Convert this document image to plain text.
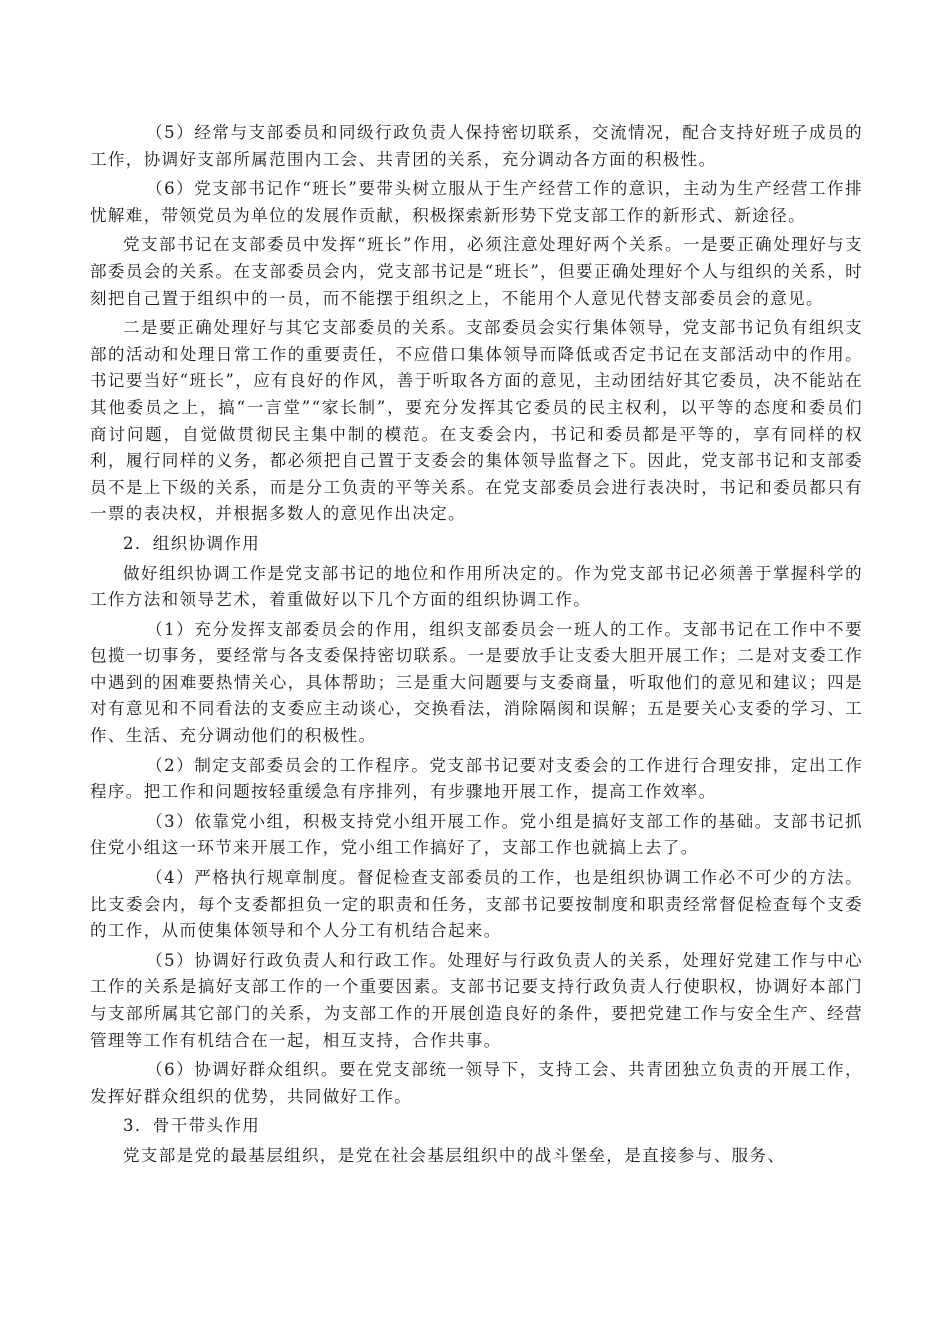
（5）经常与支部委员和同级行政负责人保持密切联系，交流情况，配合支持好班子成员的工作，协调好支部所属范围内工会、共青团的关系，充分调动各方面的积极性。

（6）党支部书记作“班长”要带头树立服从于生产经营工作的意识，主动为生产经营工作排忧解难，带领党员为单位的发展作贡献，积极探索新形势下党支部工作的新形式、新途径。

党支部书记在支部委员中发挥“班长”作用，必须注意处理好两个关系。一是要正确处理好与支部委员会的关系。在支部委员会内，党支部书记是“班长”，但要正确处理好个人与组织的关系，时刻把自己置于组织中的一员，而不能摆于组织之上，不能用个人意见代替支部委员会的意见。

二是要正确处理好与其它支部委员的关系。支部委员会实行集体领导，党支部书记负有组织支部的活动和处理日常工作的重要责任，不应借口集体领导而降低或否定书记在支部活动中的作用。书记要当好“班长”，应有良好的作风，善于听取各方面的意见，主动团结好其它委员，决不能站在其他委员之上，搞“一言堂”“家长制”，要充分发挥其它委员的民主权利，以平等的态度和委员们商讨问题，自觉做贯彻民主集中制的模范。在支委会内，书记和委员都是平等的，享有同样的权利，履行同样的义务，都必须把自己置于支委会的集体领导监督之下。因此，党支部书记和支部委员不是上下级的关系，而是分工负责的平等关系。在党支部委员会进行表决时，书记和委员都只有一票的表决权，并根据多数人的意见作出决定。

2．组织协调作用

做好组织协调工作是党支部书记的地位和作用所决定的。作为党支部书记必须善于掌握科学的工作方法和领导艺术，着重做好以下几个方面的组织协调工作。

（1）充分发挥支部委员会的作用，组织支部委员会一班人的工作。支部书记在工作中不要包揽一切事务，要经常与各支委保持密切联系。一是要放手让支委大胆开展工作；二是对支委工作中遇到的困难要热情关心，具体帮助；三是重大问题要与支委商量，听取他们的意见和建议；四是对有意见和不同看法的支委应主动谈心，交换看法，消除隔阂和误解；五是要关心支委的学习、工作、生活、充分调动他们的积极性。

（2）制定支部委员会的工作程序。党支部书记要对支委会的工作进行合理安排，定出工作程序。把工作和问题按轻重缓急有序排列，有步骤地开展工作，提高工作效率。

（3）依靠党小组，积极支持党小组开展工作。党小组是搞好支部工作的基础。支部书记抓住党小组这一环节来开展工作，党小组工作搞好了，支部工作也就搞上去了。

（4）严格执行规章制度。督促检查支部委员的工作，也是组织协调工作必不可少的方法。比支委会内，每个支委都担负一定的职责和任务，支部书记要按制度和职责经常督促检查每个支委的工作，从而使集体领导和个人分工有机结合起来。

（5）协调好行政负责人和行政工作。处理好与行政负责人的关系，处理好党建工作与中心工作的关系是搞好支部工作的一个重要因素。支部书记要支持行政负责人行使职权，协调好本部门与支部所属其它部门的关系，为支部工作的开展创造良好的条件，要把党建工作与安全生产、经营管理等工作有机结合在一起，相互支持，合作共事。

（6）协调好群众组织。要在党支部统一领导下，支持工会、共青团独立负责的开展工作，发挥好群众组织的优势，共同做好工作。

3．骨干带头作用

党支部是党的最基层组织，是党在社会基层组织中的战斗堡垒，是直接参与、服务、
